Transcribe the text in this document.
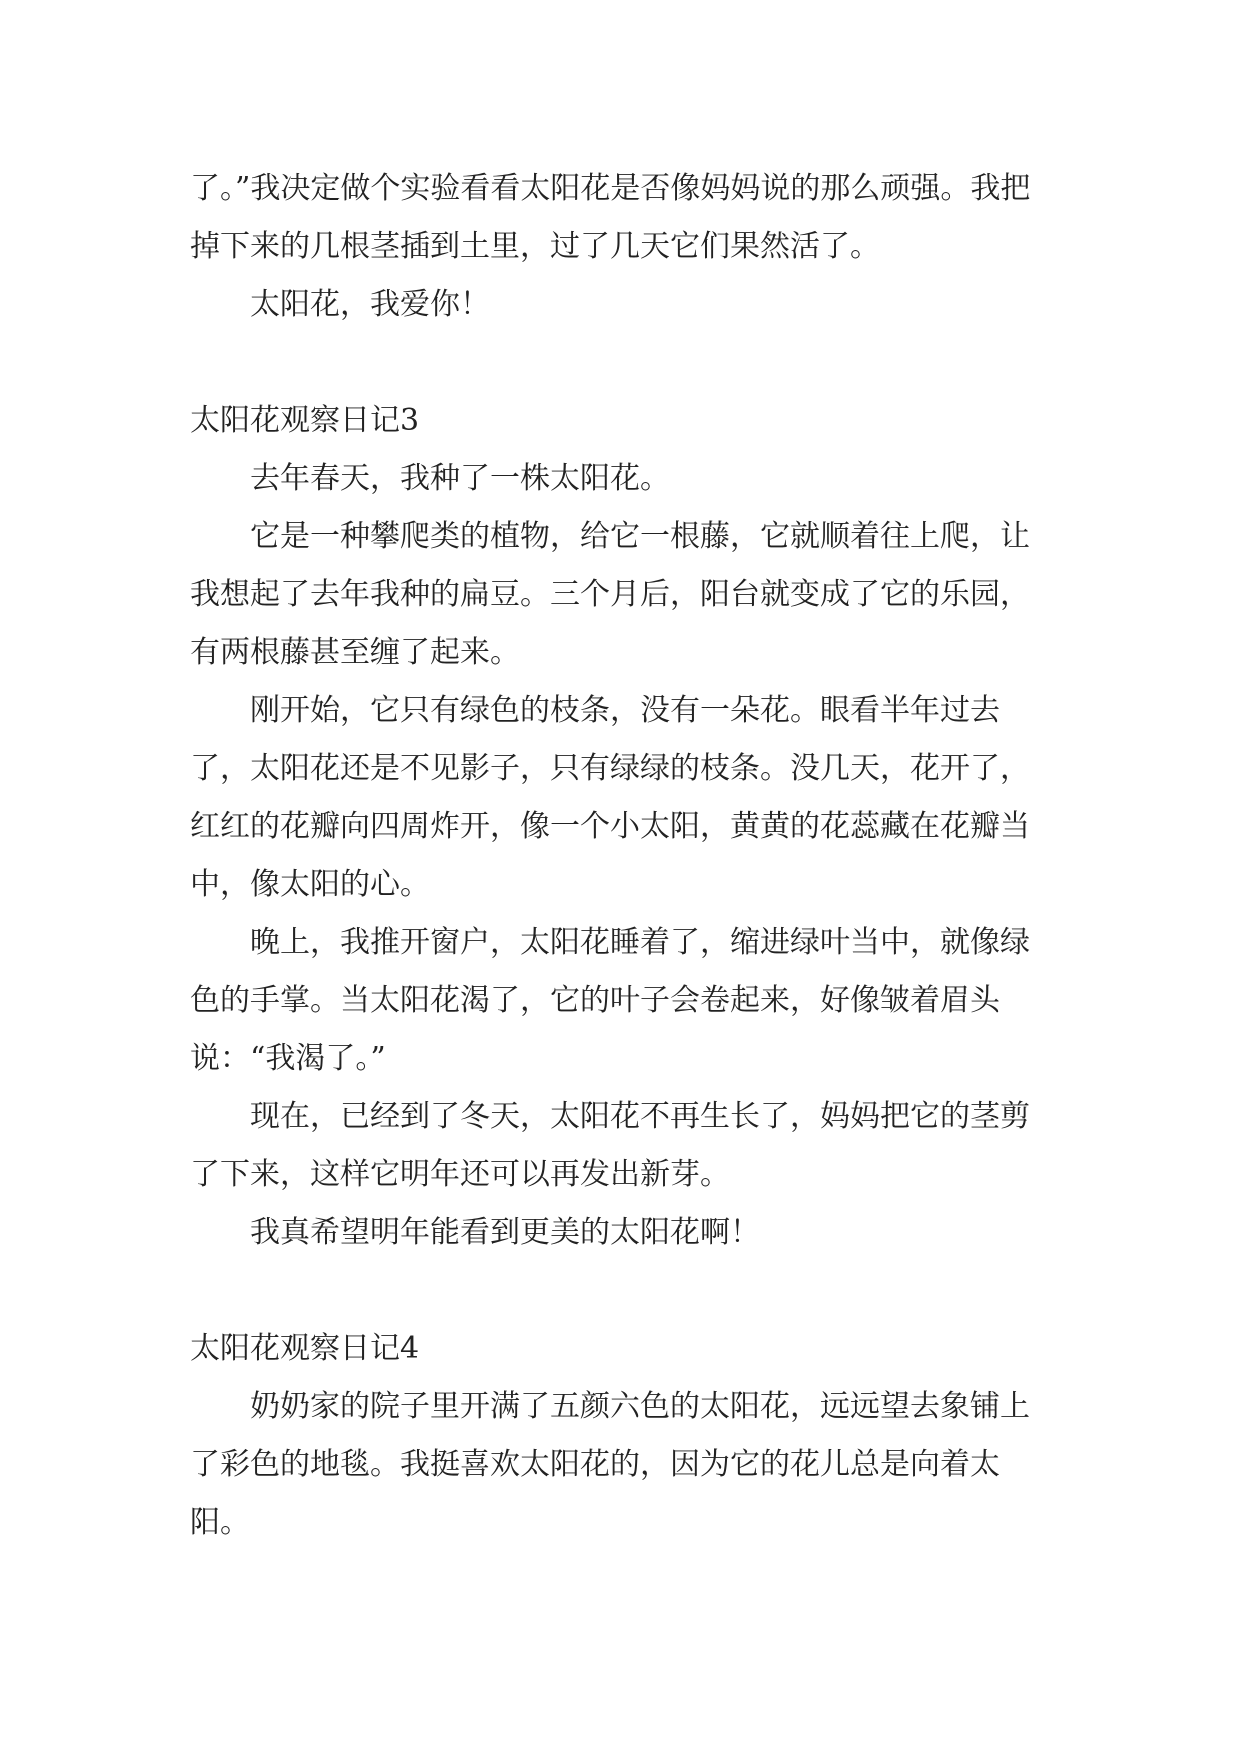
了。”我决定做个实验看看太阳花是否像妈妈说的那么顽强。我把掉下来的几根茎插到土里，过了几天它们果然活了。

太阳花，我爱你！

太阳花观察日记3

去年春天，我种了一株太阳花。

它是一种攀爬类的植物，给它一根藤，它就顺着往上爬，让我想起了去年我种的扁豆。三个月后，阳台就变成了它的乐园，有两根藤甚至缠了起来。

刚开始，它只有绿色的枝条，没有一朵花。眼看半年过去了，太阳花还是不见影子，只有绿绿的枝条。没几天，花开了，红红的花瓣向四周炸开，像一个小太阳，黄黄的花蕊藏在花瓣当中，像太阳的心。

晚上，我推开窗户，太阳花睡着了，缩进绿叶当中，就像绿色的手掌。当太阳花渴了，它的叶子会卷起来，好像皱着眉头说：“我渴了。”

现在，已经到了冬天，太阳花不再生长了，妈妈把它的茎剪了下来，这样它明年还可以再发出新芽。

我真希望明年能看到更美的太阳花啊！

太阳花观察日记4

奶奶家的院子里开满了五颜六色的太阳花，远远望去象铺上了彩色的地毯。我挺喜欢太阳花的，因为它的花儿总是向着太阳。
